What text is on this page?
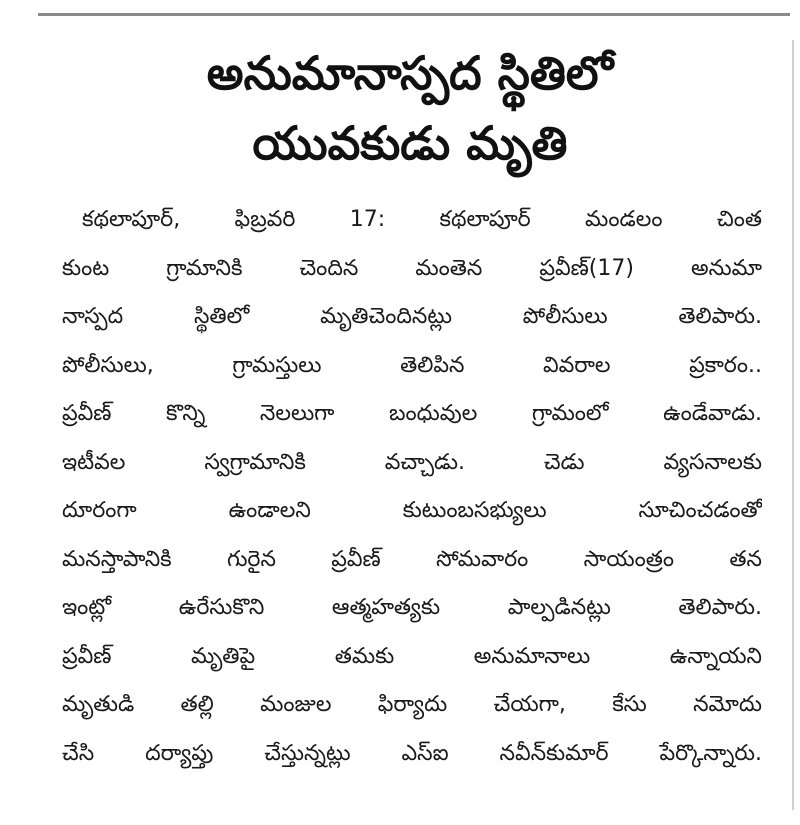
అనుమానాస్పద స్థితిలో
యువకుడు మృతి
కథలాపూర్, ఫిబ్రవరి 17: కథలాపూర్ మండలం చింత
కుంట గ్రామానికి చెందిన మంతెన ప్రవీణ్(17) అనుమా
నాస్పద స్థితిలో మృతిచెందినట్లు పోలీసులు తెలిపారు.
పోలీసులు, గ్రామస్తులు తెలిపిన వివరాల ప్రకారం..
ప్రవీణ్ కొన్ని నెలలుగా బంధువుల గ్రామంలో ఉండేవాడు.
ఇటీవల స్వగ్రామానికి వచ్చాడు. చెడు వ్యసనాలకు
దూరంగా ఉండాలని కుటుంబసభ్యులు సూచించడంతో
మనస్తాపానికి గురైన ప్రవీణ్ సోమవారం సాయంత్రం తన
ఇంట్లో ఉరేసుకొని ఆత్మహత్యకు పాల్పడినట్లు తెలిపారు.
ప్రవీణ్ మృతిపై తమకు అనుమానాలు ఉన్నాయని
మృతుడి తల్లి మంజుల ఫిర్యాదు చేయగా, కేసు నమోదు
చేసి దర్యాప్తు చేస్తున్నట్లు ఎస్ఐ నవీన్‌కుమార్ పేర్కొన్నారు.
